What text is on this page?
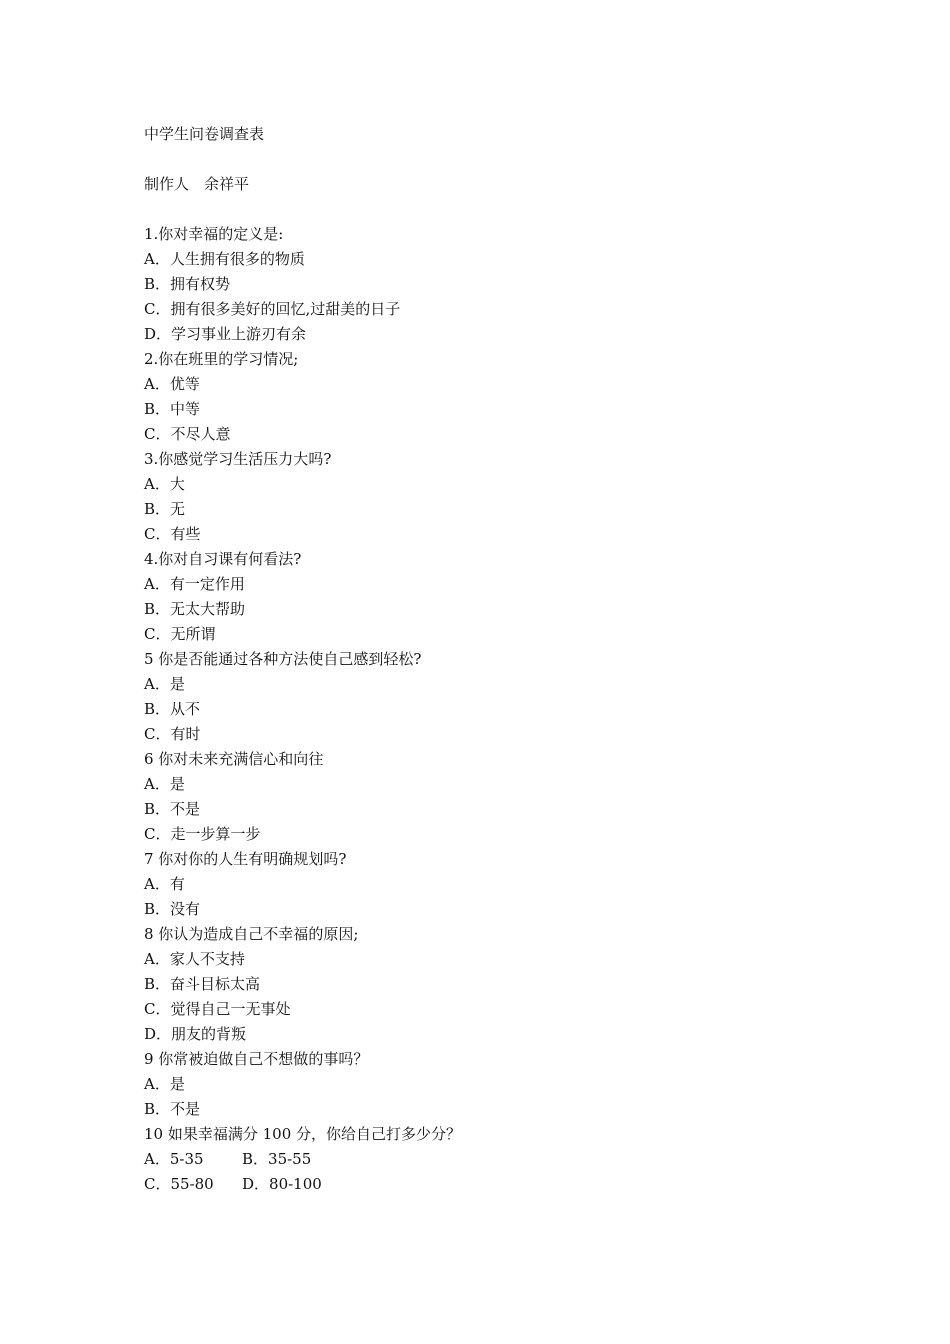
中学生问卷调查表
制作人　余祥平
1.你对幸福的定义是:
A．人生拥有很多的物质
B．拥有权势
C．拥有很多美好的回忆,过甜美的日子
D．学习事业上游刃有余
2.你在班里的学习情况;
A．优等
B．中等
C．不尽人意
3.你感觉学习生活压力大吗?
A．大
B．无
C．有些
4.你对自习课有何看法?
A．有一定作用
B．无太大帮助
C．无所谓
5 你是否能通过各种方法使自己感到轻松?
A．是
B．从不
C．有时
6 你对未来充满信心和向往
A．是
B．不是
C．走一步算一步
7 你对你的人生有明确规划吗?
A．有
B．没有
8 你认为造成自己不幸福的原因;
A．家人不支持
B．奋斗目标太高
C．觉得自己一无事处
D．朋友的背叛
9 你常被迫做自己不想做的事吗？
A．是
B．不是
10 如果幸福满分 100 分，你给自己打多少分？
A．5-35	B．35-55
C．55-80 D．80-100
